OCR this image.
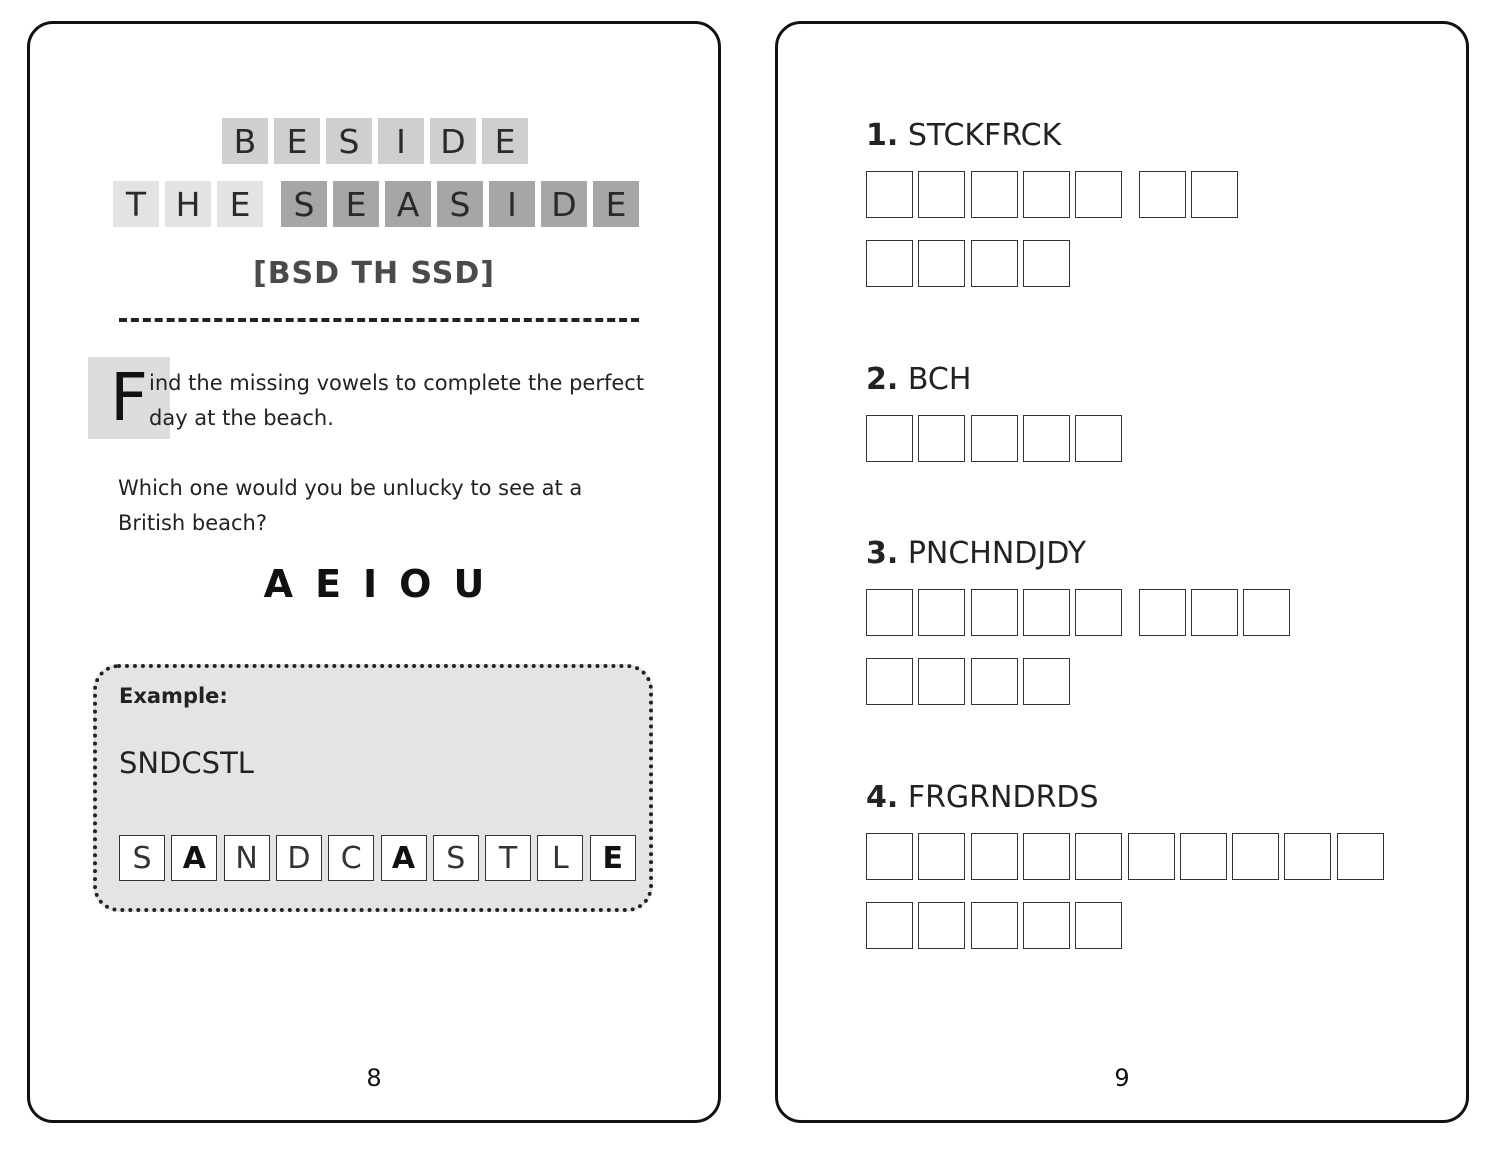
B E S	I	D E
T H E	S E A S	I	D E
[BSD TH SSD]
F ind the missing vowels to complete the perfect
day at the beach.
Which one would you be unlucky to see at a
British beach?
AEIOU
Example:
SNDCSTL
S	A N D	C	A	S	T	L	E
8
1. STCKFRCK
2. BCH
3. PNCHNDJDY
4. FRGRNDRDS
9
